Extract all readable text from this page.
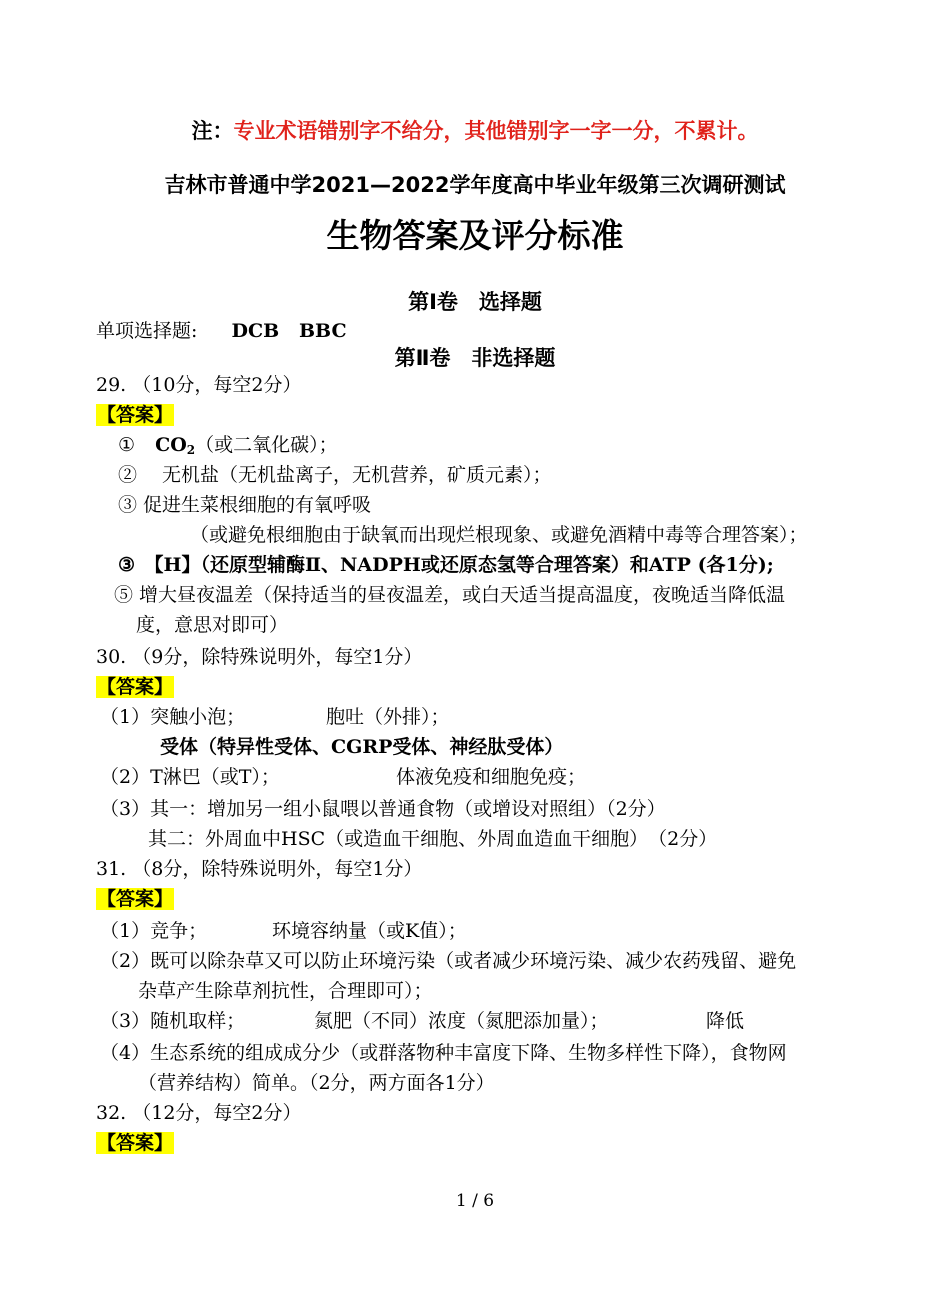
注：专业术语错别字不给分，其他错别字一字一分，不累计。
吉林市普通中学2021—2022学年度高中毕业年级第三次调研测试
生物答案及评分标准
第Ⅰ卷　选择题
单项选择题: DCB   BBC
第Ⅱ卷　非选择题
29. （10分，每空2分）
【答案】
① $CO_2$（或二氧化碳）；
②　 无机盐（无机盐离子，无机营养，矿质元素）；
③ 促进生菜根细胞的有氧呼吸
（或避免根细胞由于缺氧而出现烂根现象、或避免酒精中毒等合理答案）；
③　【H】（还原型辅酶Ⅱ、NADPH或还原态氢等合理答案）和ATP (各1分);
⑤ 增大昼夜温差（保持适当的昼夜温差，或白天适当提高温度，夜晚适当降低温
度，意思对即可）
30. （9分，除特殊说明外，每空1分）
【答案】
（1）突触小泡；	胞吐（外排）；
受体（特异性受体、CGRP受体、神经肽受体）
（2）T淋巴（或T）；	体液免疫和细胞免疫；
（3）其一：增加另一组小鼠喂以普通食物（或增设对照组）（2分）
其二：外周血中HSC（或造血干细胞、外周血造血干细胞）　（2分）
31. （8分，除特殊说明外，每空1分）
【答案】
（1）竞争；	环境容纳量（或K值）；
（2）既可以除杂草又可以防止环境污染（或者减少环境污染、减少农药残留、避免
杂草产生除草剂抗性，合理即可）；
（3）随机取样；	氮肥（不同）浓度（氮肥添加量）；	降低
（4）生态系统的组成成分少（或群落物种丰富度下降、生物多样性下降），食物网
（营养结构）简单。（2分，两方面各1分）
32. （12分，每空2分）
【答案】
1 / 6
